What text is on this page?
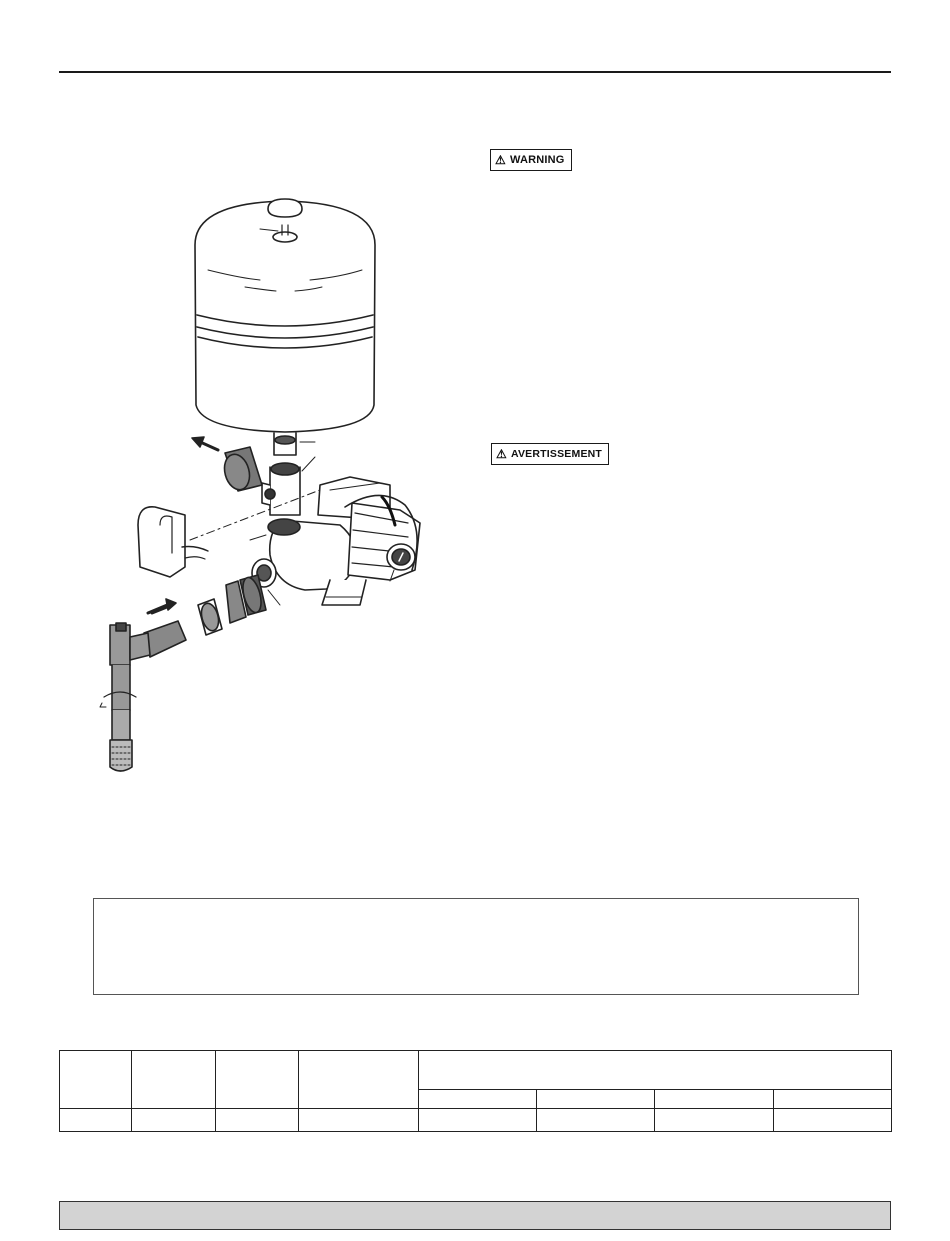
⚠ WARNING
⚠ AVERTISSEMENT
